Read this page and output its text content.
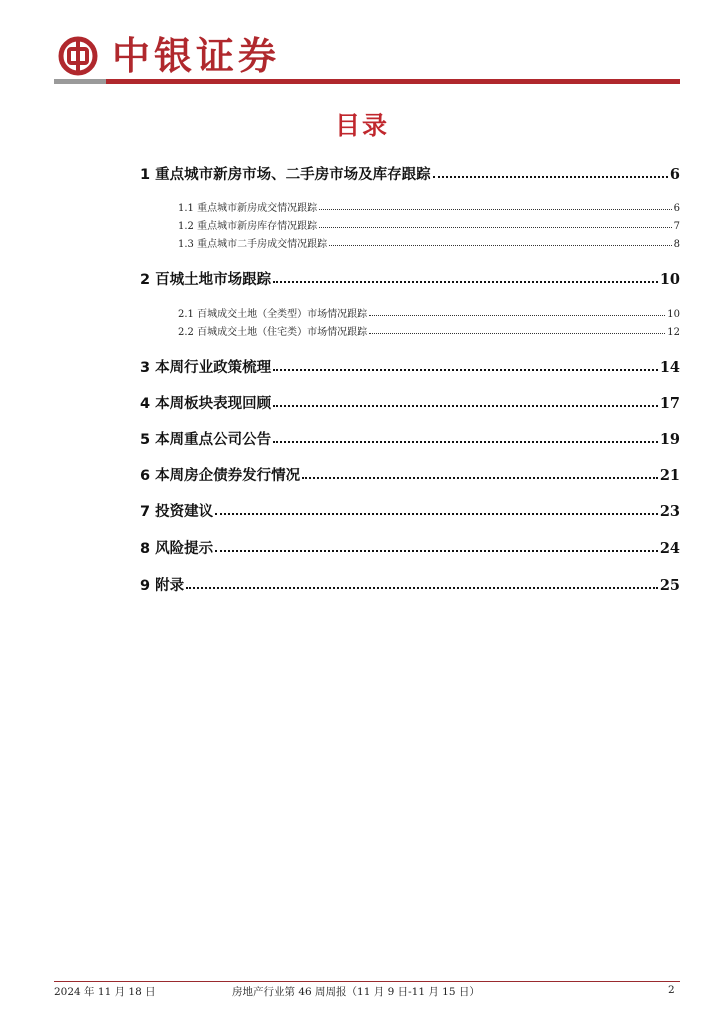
中银证券
目录
1 重点城市新房市场、二手房市场及库存跟踪	6
1.1 重点城市新房成交情况跟踪	6
1.2 重点城市新房库存情况跟踪	7
1.3 重点城市二手房成交情况跟踪	8
2 百城土地市场跟踪	10
2.1 百城成交土地（全类型）市场情况跟踪	10
2.2 百城成交土地（住宅类）市场情况跟踪	12
3 本周行业政策梳理	14
4 本周板块表现回顾	17
5 本周重点公司公告	19
6 本周房企债券发行情况	21
7 投资建议	23
8 风险提示	24
9 附录	25
2024 年 11 月 18 日	房地产行业第 46 周周报（11 月 9 日-11 月 15 日）	2
